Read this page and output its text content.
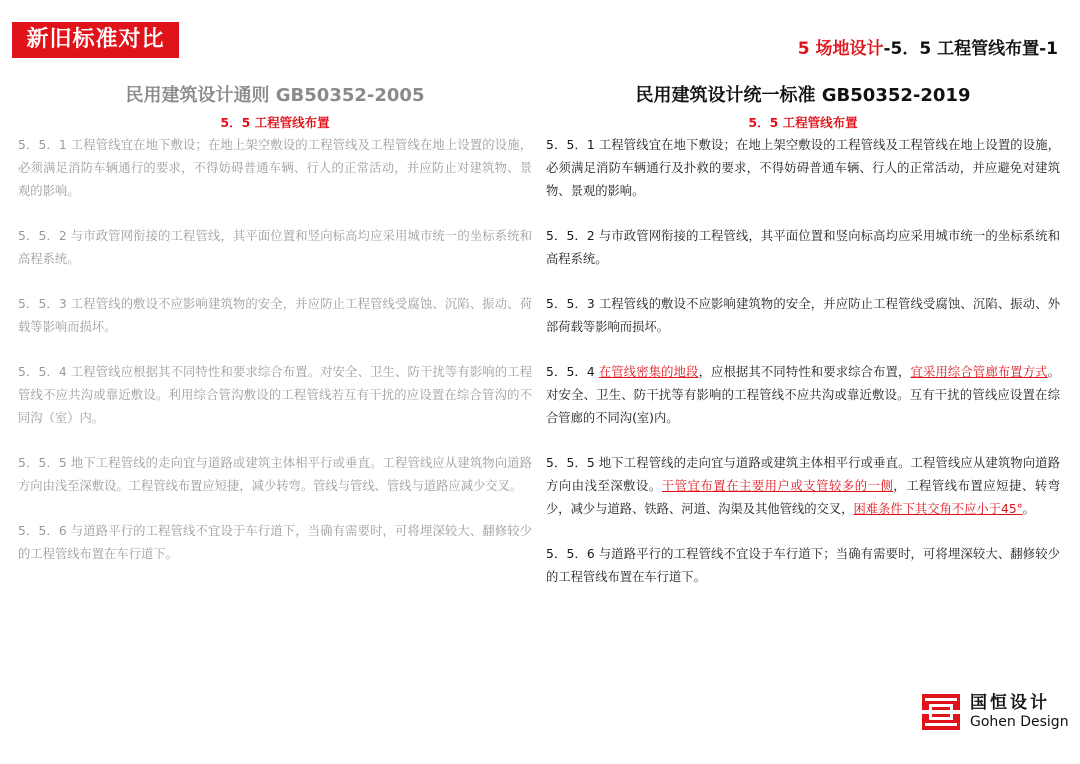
新旧标准对比	5 场地设计-5．5 工程管线布置-1
民用建筑设计通则 GB50352-2005
5．5 工程管线布置
5．5．1 工程管线宜在地下敷设；在地上架空敷设的工程管线及工程管线在地上设置的设施，必须满足消防车辆通行的要求，不得妨碍普通车辆、行人的正常活动，并应防止对建筑物、景观的影响。
5．5．2 与市政管网衔接的工程管线，其平面位置和竖向标高均应采用城市统一的坐标系统和高程系统。
5．5．3 工程管线的敷设不应影响建筑物的安全，并应防止工程管线受腐蚀、沉陷、振动、荷载等影响而损坏。
5．5．4 工程管线应根据其不同特性和要求综合布置。对安全、卫生、防干扰等有影响的工程管线不应共沟或靠近敷设。利用综合管沟敷设的工程管线若互有干扰的应设置在综合管沟的不同沟（室）内。
5．5．5 地下工程管线的走向宜与道路或建筑主体相平行或垂直。工程管线应从建筑物向道路方向由浅至深敷设。工程管线布置应短捷，减少转弯。管线与管线、管线与道路应减少交叉。
5．5．6 与道路平行的工程管线不宜设于车行道下，当确有需要时，可将埋深较大、翻修较少的工程管线布置在车行道下。
民用建筑设计统一标准 GB50352-2019
5．5 工程管线布置
5．5．1 工程管线宜在地下敷设；在地上架空敷设的工程管线及工程管线在地上设置的设施，必须满足消防车辆通行及扑救的要求，不得妨碍普通车辆、行人的正常活动，并应避免对建筑物、景观的影响。
5．5．2 与市政管网衔接的工程管线，其平面位置和竖向标高均应采用城市统一的坐标系统和高程系统。
5．5．3 工程管线的敷设不应影响建筑物的安全，并应防止工程管线受腐蚀、沉陷、振动、外部荷载等影响而损坏。
5．5．4 在管线密集的地段，应根据其不同特性和要求综合布置，宜采用综合管廊布置方式。对安全、卫生、防干扰等有影响的工程管线不应共沟或靠近敷设。互有干扰的管线应设置在综合管廊的不同沟(室)内。
5．5．5 地下工程管线的走向宜与道路或建筑主体相平行或垂直。工程管线应从建筑物向道路方向由浅至深敷设。干管宜布置在主要用户或支管较多的一侧，工程管线布置应短捷、转弯少，减少与道路、铁路、河道、沟渠及其他管线的交叉，困难条件下其交角不应小于45°。
5．5．6 与道路平行的工程管线不宜设于车行道下；当确有需要时，可将埋深较大、翻修较少的工程管线布置在车行道下。
国恒设计
Gohen Design
